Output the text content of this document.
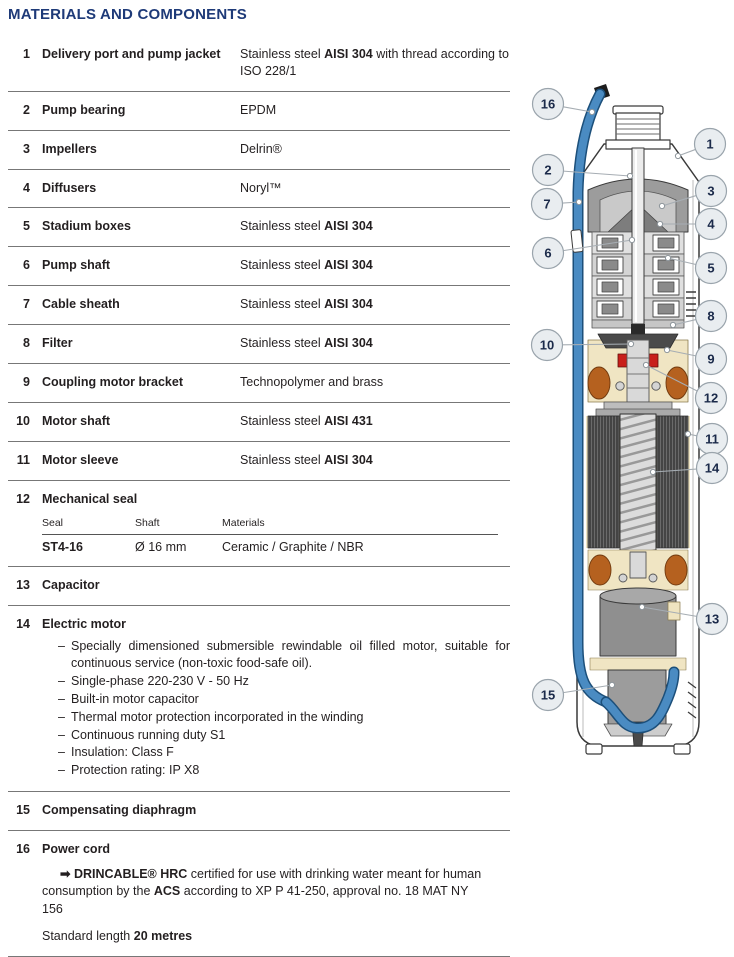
MATERIALS AND COMPONENTS
1 Delivery port and pump jacket	Stainless steel AISI 304 with thread according to ISO 228/1
2 Pump bearing	EPDM
3 Impellers	Delrin®
4 Diffusers	Noryl™
5 Stadium boxes	Stainless steel AISI 304
6 Pump shaft	Stainless steel AISI 304
7 Cable sheath	Stainless steel AISI 304
8 Filter	Stainless steel AISI 304
9 Coupling motor bracket	Technopolymer and brass
10 Motor shaft	Stainless steel AISI 431
11 Motor sleeve	Stainless steel AISI 304
12 Mechanical seal
Seal	Shaft	Materials
ST4-16	Ø 16 mm	Ceramic / Graphite / NBR
13 Capacitor
14 Electric motor
– Specially dimensioned submersible rewindable oil filled motor, suitable for continuous service (non-toxic food-safe oil).
– Single-phase 220-230 V - 50 Hz
– Built-in motor capacitor
– Thermal motor protection incorporated in the winding
– Continuous running duty S1
– Insulation: Class F
– Protection rating: IP X8
15 Compensating diaphragm
16 Power cord

➡ DRINCABLE® HRC certified for use with drinking water meant for human consumption by the ACS according to XP P 41-250, approval no. 18 MAT NY 156

Standard length 20 metres

16
1
2
3
7
4
6
5
8
10
9
12
11
14
13
15
